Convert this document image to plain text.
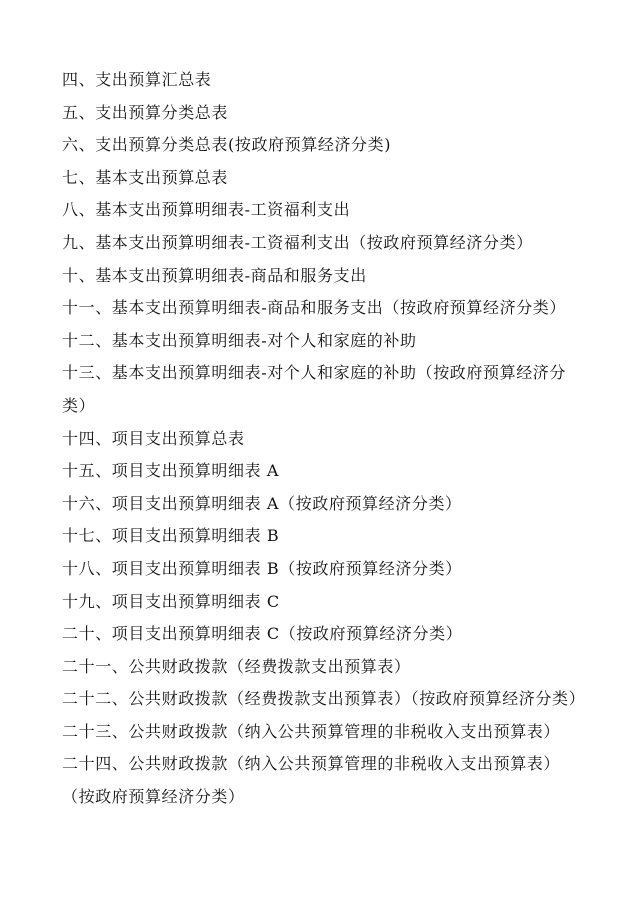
四、支出预算汇总表
五、支出预算分类总表
六、支出预算分类总表(按政府预算经济分类)
七、基本支出预算总表
八、基本支出预算明细表-工资福利支出
九、基本支出预算明细表-工资福利支出（按政府预算经济分类）
十、基本支出预算明细表-商品和服务支出
十一、基本支出预算明细表-商品和服务支出（按政府预算经济分类）
十二、基本支出预算明细表-对个人和家庭的补助
十三、基本支出预算明细表-对个人和家庭的补助（按政府预算经济分类）
十四、项目支出预算总表
十五、项目支出预算明细表 A
十六、项目支出预算明细表 A（按政府预算经济分类）
十七、项目支出预算明细表 B
十八、项目支出预算明细表 B（按政府预算经济分类）
十九、项目支出预算明细表 C
二十、项目支出预算明细表 C（按政府预算经济分类）
二十一、公共财政拨款（经费拨款支出预算表）
二十二、公共财政拨款（经费拨款支出预算表）（按政府预算经济分类）
二十三、公共财政拨款（纳入公共预算管理的非税收入支出预算表）
二十四、公共财政拨款（纳入公共预算管理的非税收入支出预算表）（按政府预算经济分类）
